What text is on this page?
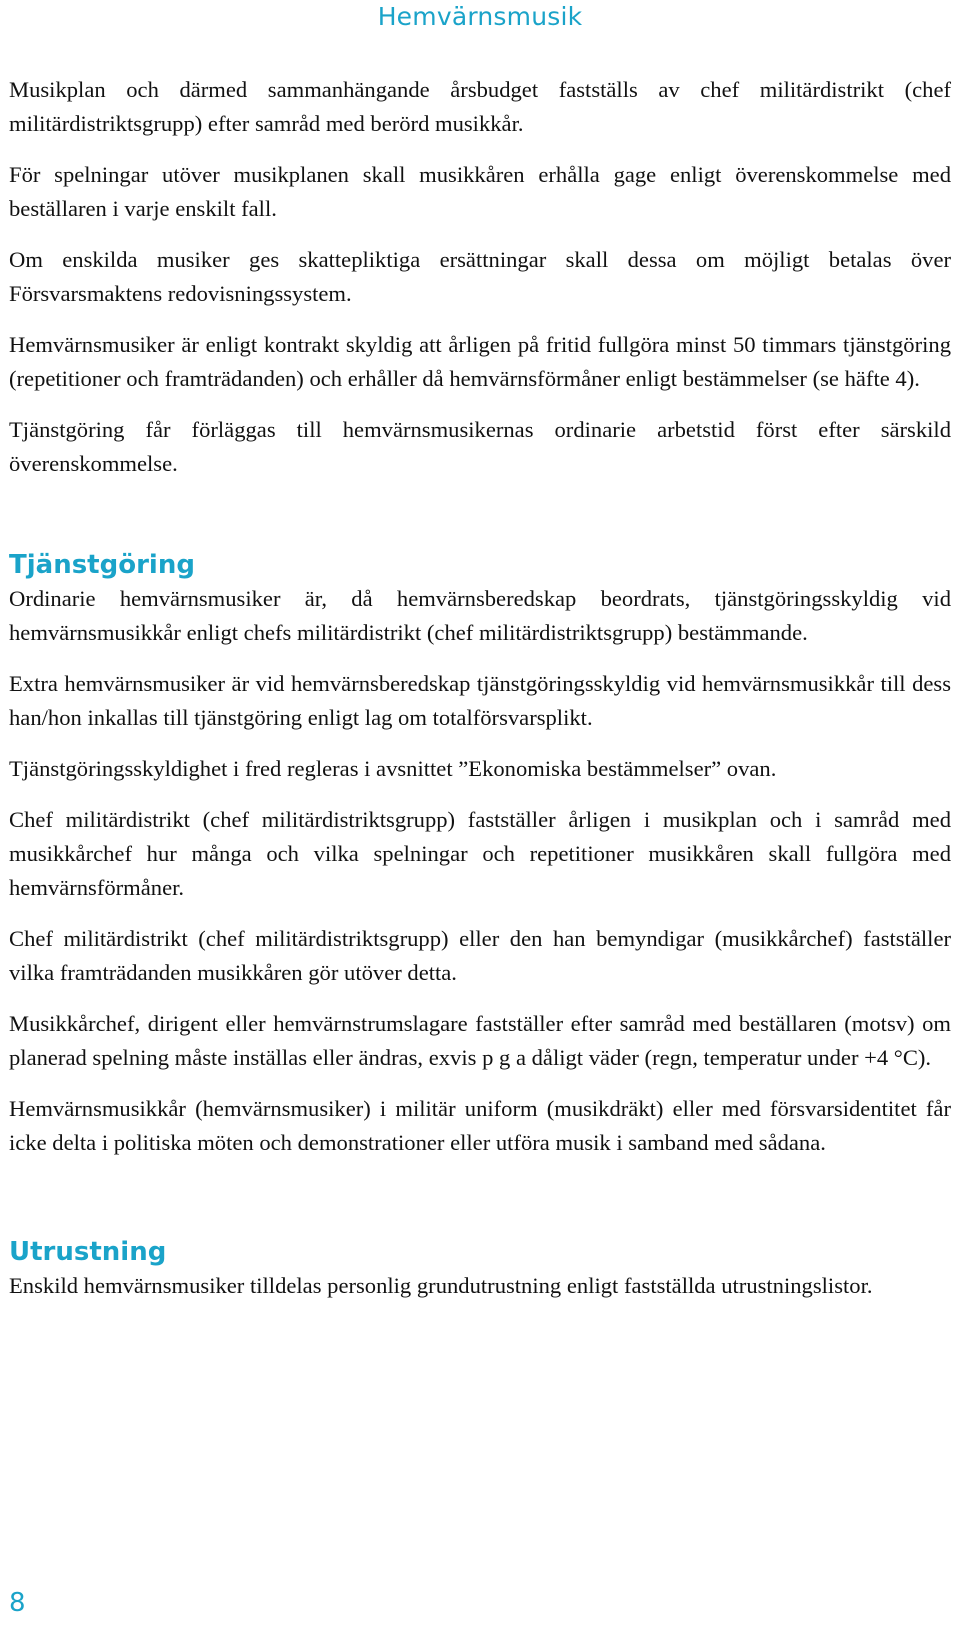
Hemvärnsmusik

Musikplan och därmed sammanhängande årsbudget fastställs av chef militärdistrikt (chef militärdistriktsgrupp) efter samråd med berörd musikkår.

För spelningar utöver musikplanen skall musikkåren erhålla gage enligt överenskommelse med beställaren i varje enskilt fall.

Om enskilda musiker ges skattepliktiga ersättningar skall dessa om möjligt betalas över Försvarsmaktens redovisningssystem.

Hemvärnsmusiker är enligt kontrakt skyldig att årligen på fritid fullgöra minst 50 timmars tjänstgöring (repetitioner och framträdanden) och erhåller då hemvärnsförmåner enligt bestämmelser (se häfte 4).

Tjänstgöring får förläggas till hemvärnsmusikernas ordinarie arbetstid först efter särskild överenskommelse.

Tjänstgöring

Ordinarie hemvärnsmusiker är, då hemvärnsberedskap beordrats, tjänstgöringsskyldig vid hemvärnsmusikkår enligt chefs militärdistrikt (chef militärdistriktsgrupp) bestämmande.

Extra hemvärnsmusiker är vid hemvärnsberedskap tjänstgöringsskyldig vid hemvärnsmusikkår till dess han/hon inkallas till tjänstgöring enligt lag om totalförsvarsplikt.

Tjänstgöringsskyldighet i fred regleras i avsnittet ”Ekonomiska bestämmelser” ovan.

Chef militärdistrikt (chef militärdistriktsgrupp) fastställer årligen i musikplan och i samråd med musikkårchef hur många och vilka spelningar och repetitioner musikkåren skall fullgöra med hemvärnsförmåner.

Chef militärdistrikt (chef militärdistriktsgrupp) eller den han bemyndigar (musikkårchef) fastställer vilka framträdanden musikkåren gör utöver detta.

Musikkårchef, dirigent eller hemvärnstrumslagare fastställer efter samråd med beställaren (motsv) om planerad spelning måste inställas eller ändras, exvis p g a dåligt väder (regn, temperatur under +4 °C).

Hemvärnsmusikkår (hemvärnsmusiker) i militär uniform (musikdräkt) eller med försvarsidentitet får icke delta i politiska möten och demonstrationer eller utföra musik i samband med sådana.

Utrustning

Enskild hemvärnsmusiker tilldelas personlig grundutrustning enligt fastställda utrustningslistor.

8
